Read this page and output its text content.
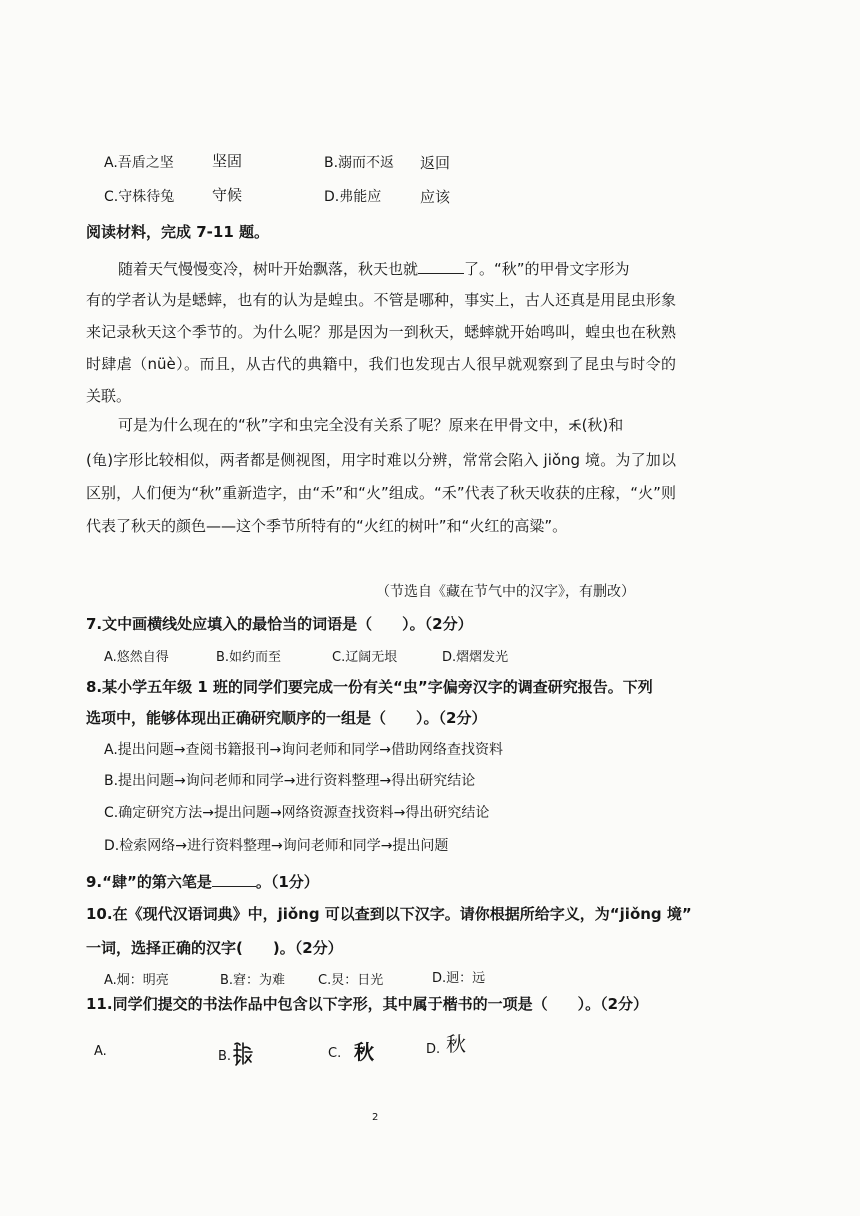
A.吾盾之坚	坚固	B.溺而不返 返回
C.守株待兔	守候	D.弗能应	应该
阅读材料，完成 7-11 题。
随着天气慢慢变冷，树叶开始飘落，秋天也就	了。“秋”的甲骨文字形为
有的学者认为是蟋蟀，也有的认为是蝗虫。不管是哪种，事实上，古人还真是用昆虫形象来记录秋天这个季节的。为什么呢？那是因为一到秋天，蟋蟀就开始鸣叫，蝗虫也在秋熟时肆虐（nüè）。而且，从古代的典籍中，我们也发现古人很早就观察到了昆虫与时令的关联。
可是为什么现在的“秋”字和虫完全没有关系了呢？原来在甲骨文中，𥝌(秋)和
(龟)字形比较相似，两者都是侧视图，用字时难以分辨，常常会陷入 jiǒng 境。为了加以区别，人们便为“秋”重新造字，由“禾”和“火”组成。“禾”代表了秋天收获的庄稼，“火”则代表了秋天的颜色——这个季节所特有的“火红的树叶”和“火红的高粱”。
（节选自《藏在节气中的汉字》，有删改）
7.文中画横线处应填入的最恰当的词语是（　　）。（2分）
A.悠然自得	B.如约而至	C.辽阔无垠	D.熠熠发光
8.某小学五年级 1 班的同学们要完成一份有关“虫”字偏旁汉字的调查研究报告。下列
选项中，能够体现出正确研究顺序的一组是（　　）。（2分）
A.提出问题→查阅书籍报刊→询问老师和同学→借助网络查找资料
B.提出问题→询问老师和同学→进行资料整理→得出研究结论
C.确定研究方法→提出问题→网络资源查找资料→得出研究结论
D.检索网络→进行资料整理→询问老师和同学→提出问题
9.“肆”的第六笔是	。（1分）
10.在《现代汉语词典》中，jiǒng 可以查到以下汉字。请你根据所给字义，为“jiǒng 境”
一词，选择正确的汉字(　　)。（2分）
A.炯：明亮	B.窘：为难	C.炅：日光	D.迥：远
11.同学们提交的书法作品中包含以下字形，其中属于楷书的一项是（　　）。（2分）
A.	B.	C. 秋	D. 秋
2
